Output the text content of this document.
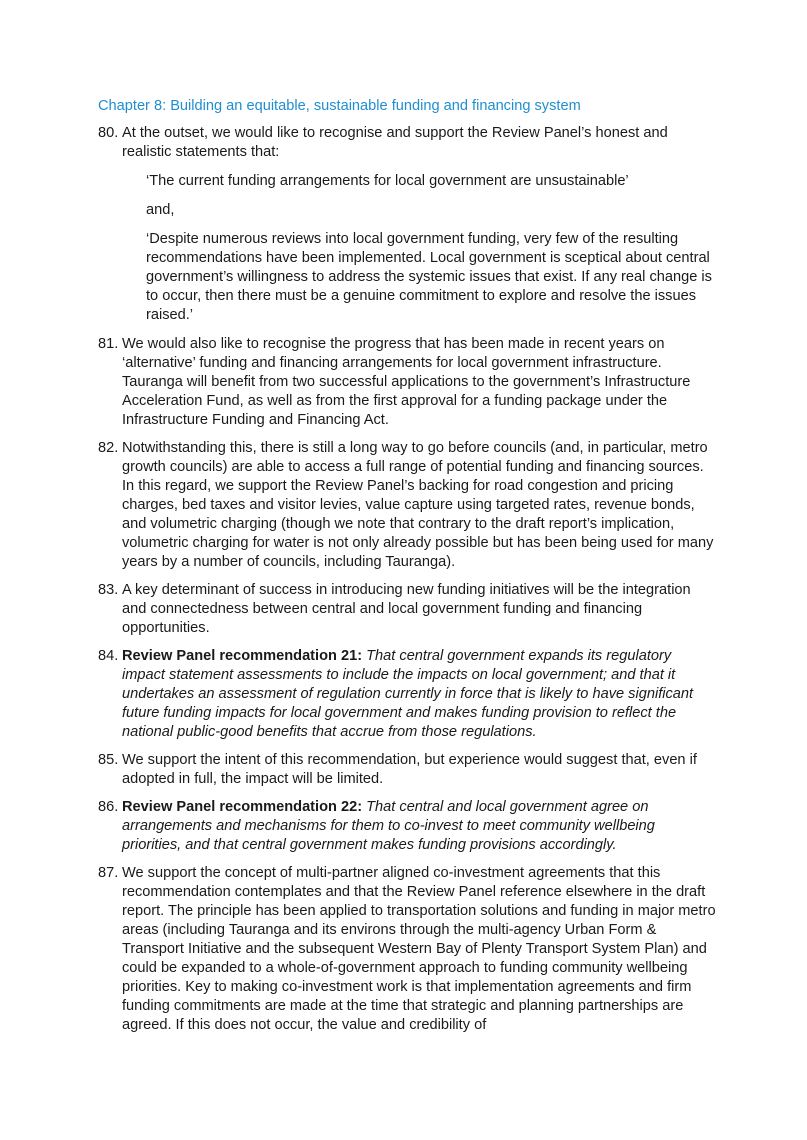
Chapter 8: Building an equitable, sustainable funding and financing system
80. At the outset, we would like to recognise and support the Review Panel’s honest and realistic statements that:
‘The current funding arrangements for local government are unsustainable’
and,
‘Despite numerous reviews into local government funding, very few of the resulting recommendations have been implemented. Local government is sceptical about central government’s willingness to address the systemic issues that exist. If any real change is to occur, then there must be a genuine commitment to explore and resolve the issues raised.’
81. We would also like to recognise the progress that has been made in recent years on ‘alternative’ funding and financing arrangements for local government infrastructure. Tauranga will benefit from two successful applications to the government’s Infrastructure Acceleration Fund, as well as from the first approval for a funding package under the Infrastructure Funding and Financing Act.
82. Notwithstanding this, there is still a long way to go before councils (and, in particular, metro growth councils) are able to access a full range of potential funding and financing sources. In this regard, we support the Review Panel’s backing for road congestion and pricing charges, bed taxes and visitor levies, value capture using targeted rates, revenue bonds, and volumetric charging (though we note that contrary to the draft report’s implication, volumetric charging for water is not only already possible but has been being used for many years by a number of councils, including Tauranga).
83. A key determinant of success in introducing new funding initiatives will be the integration and connectedness between central and local government funding and financing opportunities.
84. Review Panel recommendation 21: That central government expands its regulatory impact statement assessments to include the impacts on local government; and that it undertakes an assessment of regulation currently in force that is likely to have significant future funding impacts for local government and makes funding provision to reflect the national public-good benefits that accrue from those regulations.
85. We support the intent of this recommendation, but experience would suggest that, even if adopted in full, the impact will be limited.
86. Review Panel recommendation 22: That central and local government agree on arrangements and mechanisms for them to co-invest to meet community wellbeing priorities, and that central government makes funding provisions accordingly.
87. We support the concept of multi-partner aligned co-investment agreements that this recommendation contemplates and that the Review Panel reference elsewhere in the draft report. The principle has been applied to transportation solutions and funding in major metro areas (including Tauranga and its environs through the multi-agency Urban Form & Transport Initiative and the subsequent Western Bay of Plenty Transport System Plan) and could be expanded to a whole-of-government approach to funding community wellbeing priorities. Key to making co-investment work is that implementation agreements and firm funding commitments are made at the time that strategic and planning partnerships are agreed. If this does not occur, the value and credibility of
